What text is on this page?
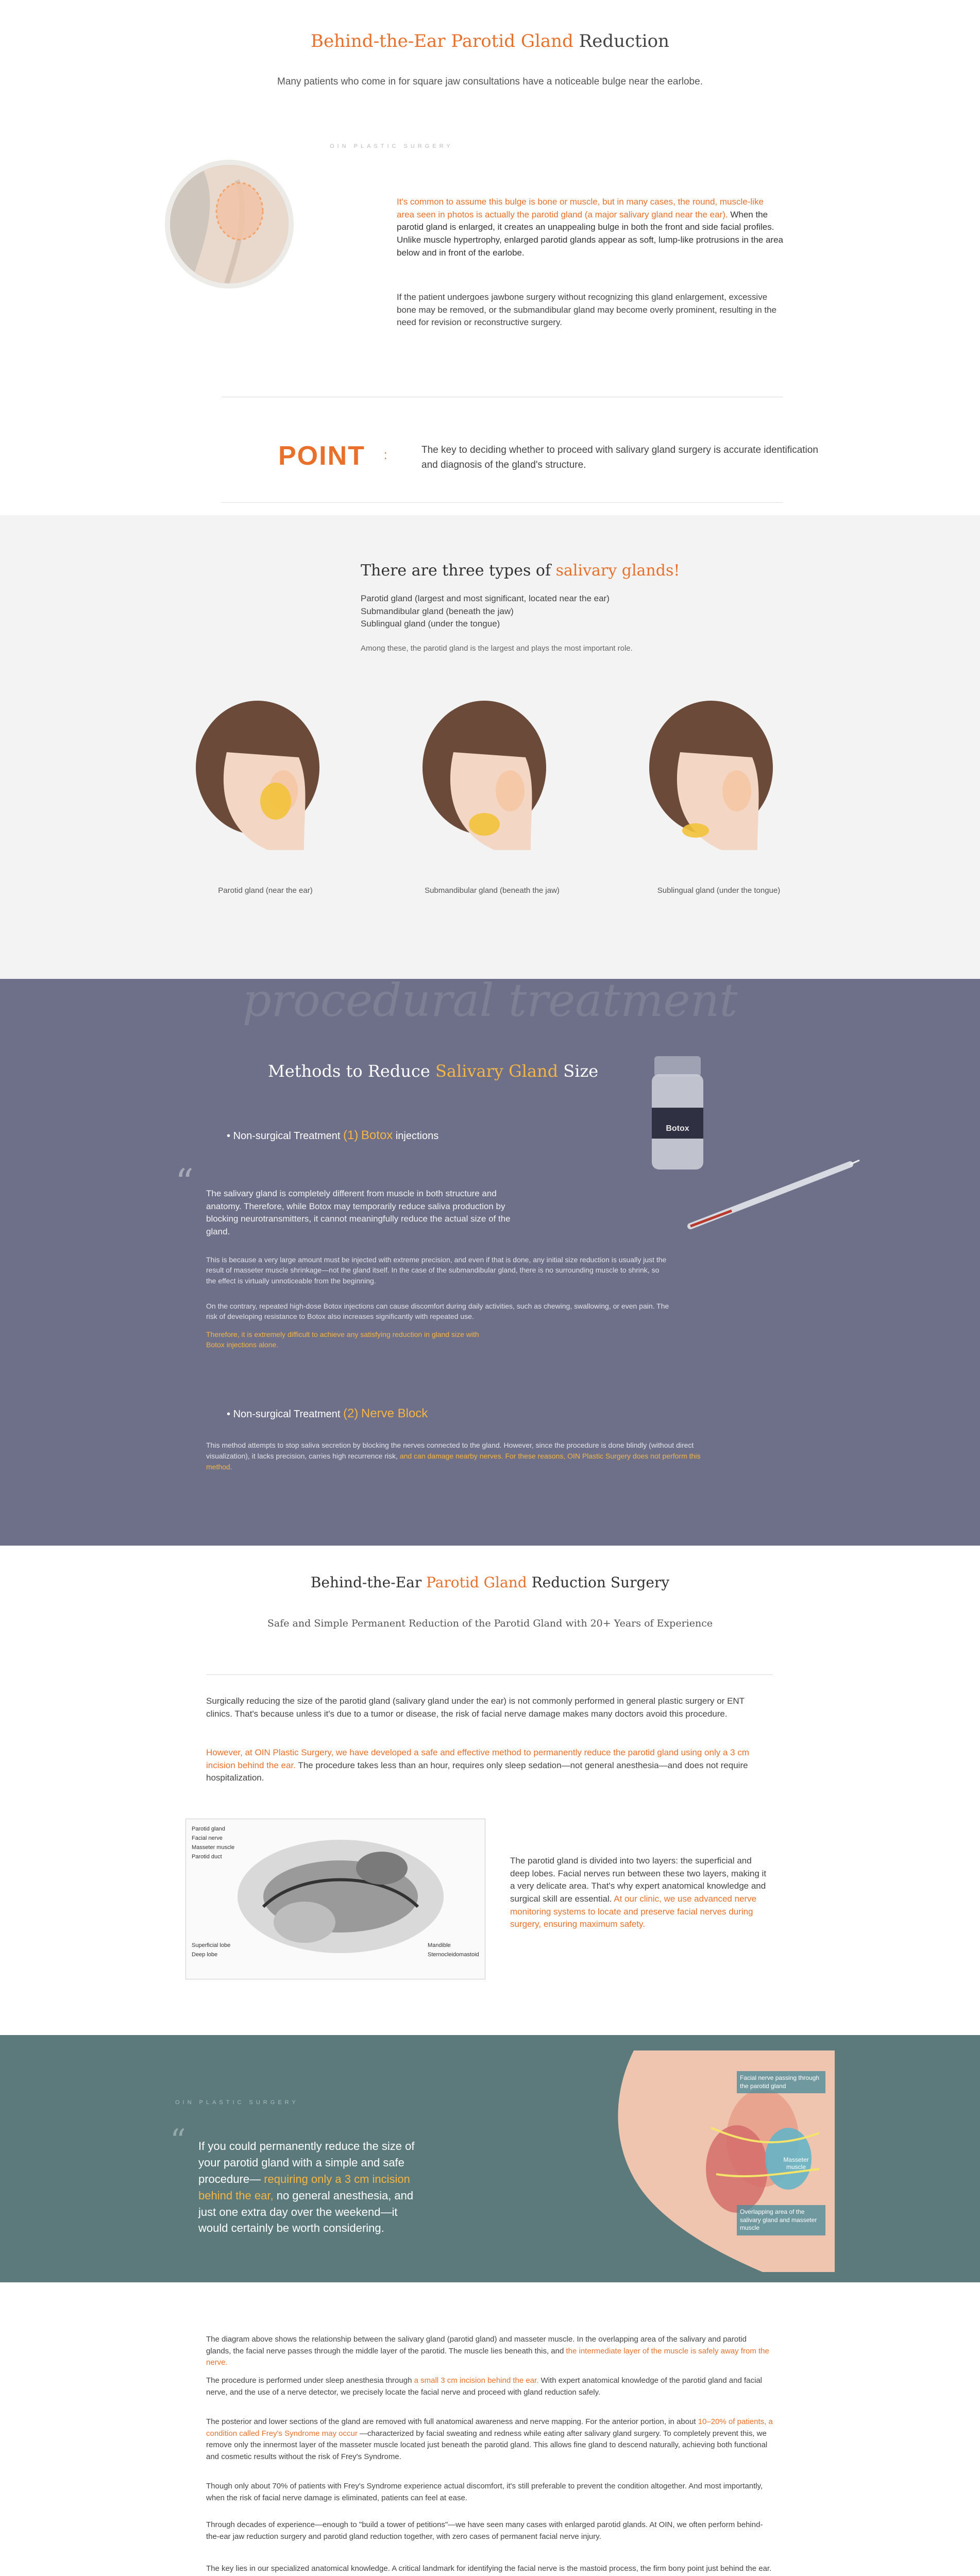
Behind-the-Ear Parotid Gland Reduction
Many patients who come in for square jaw consultations have a noticeable bulge near the earlobe.
OIN PLASTIC SURGERY
It's common to assume this bulge is bone or muscle, but in many cases, the round, muscle-like area seen in photos is actually the parotid gland (a major salivary gland near the ear). When the parotid gland is enlarged, it creates an unappealing bulge in both the front and side facial profiles. Unlike muscle hypertrophy, enlarged parotid glands appear as soft, lump-like protrusions in the area below and in front of the earlobe.
If the patient undergoes jawbone surgery without recognizing this gland enlargement, excessive bone may be removed, or the submandibular gland may become overly prominent, resulting in the need for revision or reconstructive surgery.
POINT :	The key to deciding whether to proceed with salivary gland surgery is accurate identification and diagnosis of the gland's structure.
There are three types of salivary glands!
Parotid gland (largest and most significant, located near the ear)
Submandibular gland (beneath the jaw)
Sublingual gland (under the tongue)
Among these, the parotid gland is the largest and plays the most important role.
Parotid gland (near the ear)	Submandibular gland (beneath the jaw)	Sublingual gland (under the tongue)
procedural treatment
Methods to Reduce Salivary Gland Size
Botox
• Non-surgical Treatment (1) Botox injections
“ The salivary gland is completely different from muscle in both structure and anatomy. Therefore, while Botox may temporarily reduce saliva production by blocking neurotransmitters, it cannot meaningfully reduce the actual size of the gland.
This is because a very large amount must be injected with extreme precision, and even if that is done, any initial size reduction is usually just the result of masseter muscle shrinkage—not the gland itself. In the case of the submandibular gland, there is no surrounding muscle to shrink, so the effect is virtually unnoticeable from the beginning.
On the contrary, repeated high-dose Botox injections can cause discomfort during daily activities, such as chewing, swallowing, or even pain. The risk of developing resistance to Botox also increases significantly with repeated use.
Therefore, it is extremely difficult to achieve any satisfying reduction in gland size with Botox injections alone.
• Non-surgical Treatment (2) Nerve Block
This method attempts to stop saliva secretion by blocking the nerves connected to the gland. However, since the procedure is done blindly (without direct visualization), it lacks precision, carries high recurrence risk, and can damage nearby nerves. For these reasons, OIN Plastic Surgery does not perform this method.
Behind-the-Ear Parotid Gland Reduction Surgery
Safe and Simple Permanent Reduction of the Parotid Gland with 20+ Years of Experience
Surgically reducing the size of the parotid gland (salivary gland under the ear) is not commonly performed in general plastic surgery or ENT clinics. That's because unless it's due to a tumor or disease, the risk of facial nerve damage makes many doctors avoid this procedure.
However, at OIN Plastic Surgery, we have developed a safe and effective method to permanently reduce the parotid gland using only a 3 cm incision behind the ear. The procedure takes less than an hour, requires only sleep sedation—not general anesthesia—and does not require hospitalization.
Parotid gland
Facial nerve
Masseter muscle
Parotid duct
Superficial lobe
Deep lobe
Mandible
Sternocleidomastoid
The parotid gland is divided into two layers: the superficial and deep lobes. Facial nerves run between these two layers, making it a very delicate area. That's why expert anatomical knowledge and surgical skill are essential. At our clinic, we use advanced nerve monitoring systems to locate and preserve facial nerves during surgery, ensuring maximum safety.
OIN PLASTIC SURGERY
“ If you could permanently reduce the size of your parotid gland with a simple and safe procedure— requiring only a 3 cm incision behind the ear, no general anesthesia, and just one extra day over the weekend—it would certainly be worth considering.
Facial nerve passing through the parotid gland
Masseter muscle
Overlapping area of the salivary gland and masseter muscle
The diagram above shows the relationship between the salivary gland (parotid gland) and masseter muscle. In the overlapping area of the salivary and parotid glands, the facial nerve passes through the middle layer of the parotid. The muscle lies beneath this, and the intermediate layer of the muscle is safely away from the nerve.
The procedure is performed under sleep anesthesia through a small 3 cm incision behind the ear. With expert anatomical knowledge of the parotid gland and facial nerve, and the use of a nerve detector, we precisely locate the facial nerve and proceed with gland reduction safely.
The posterior and lower sections of the gland are removed with full anatomical awareness and nerve mapping. For the anterior portion, in about 10–20% of patients, a condition called Frey's Syndrome may occur —characterized by facial sweating and redness while eating after salivary gland surgery. To completely prevent this, we remove only the innermost layer of the masseter muscle located just beneath the parotid gland. This allows fine gland to descend naturally, achieving both functional and cosmetic results without the risk of Frey's Syndrome.
Though only about 70% of patients with Frey's Syndrome experience actual discomfort, it's still preferable to prevent the condition altogether. And most importantly, when the risk of facial nerve damage is eliminated, patients can feel at ease.
Through decades of experience—enough to "build a tower of petitions"—we have seen many cases with enlarged parotid glands. At OIN, we often perform behind-the-ear jaw reduction surgery and parotid gland reduction together, with zero cases of permanent facial nerve injury.
The key lies in our specialized anatomical knowledge. A critical landmark for identifying the facial nerve is the mastoid process, the firm bony point just behind the ear.
